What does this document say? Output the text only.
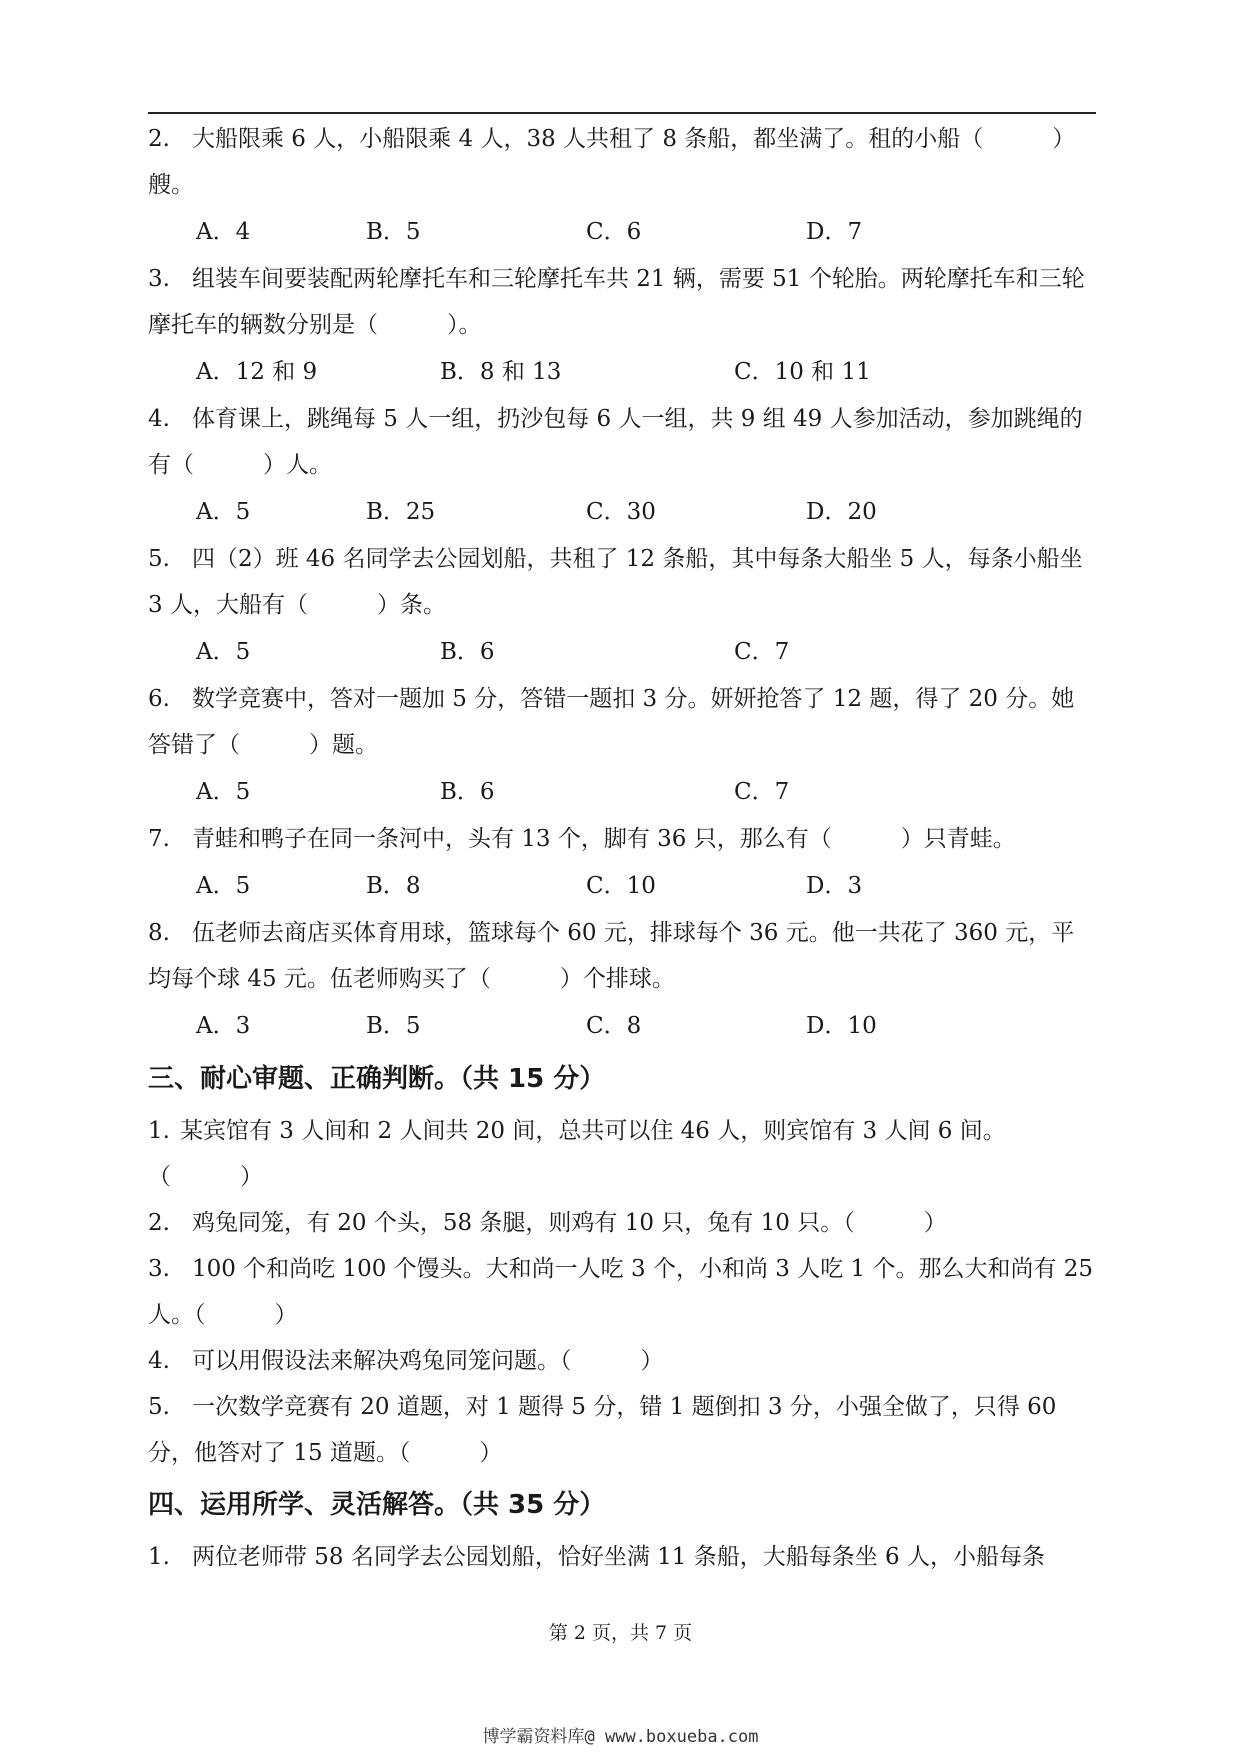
2. 大船限乘 6 人，小船限乘 4 人，38 人共租了 8 条船，都坐满了。租的小船（　　　）艘。
A．4	B．5	C．6	D．7
3. 组装车间要装配两轮摩托车和三轮摩托车共 21 辆，需要 51 个轮胎。两轮摩托车和三轮摩托车的辆数分别是（　　　）。
A．12 和 9	B．8 和 13	C．10 和 11
4. 体育课上，跳绳每 5 人一组，扔沙包每 6 人一组，共 9 组 49 人参加活动，参加跳绳的有（　　　）人。
A．5	B．25	C．30	D．20
5. 四（2）班 46 名同学去公园划船，共租了 12 条船，其中每条大船坐 5 人，每条小船坐 3 人，大船有（　　　）条。
A．5	B．6	C．7
6. 数学竞赛中，答对一题加 5 分，答错一题扣 3 分。妍妍抢答了 12 题，得了 20 分。她答错了（　　　）题。
A．5	B．6	C．7
7. 青蛙和鸭子在同一条河中，头有 13 个，脚有 36 只，那么有（　　　）只青蛙。
A．5	B．8	C．10	D．3
8. 伍老师去商店买体育用球，篮球每个 60 元，排球每个 36 元。他一共花了 360 元，平均每个球 45 元。伍老师购买了（　　　）个排球。
A．3	B．5	C．8	D．10
三、耐心审题、正确判断。（共 15 分）
1. 某宾馆有 3 人间和 2 人间共 20 间，总共可以住 46 人，则宾馆有 3 人间 6 间。（　　　）
2. 鸡兔同笼，有 20 个头，58 条腿，则鸡有 10 只，兔有 10 只。（　　　）
3. 100 个和尚吃 100 个馒头。大和尚一人吃 3 个，小和尚 3 人吃 1 个。那么大和尚有 25 人。（　　　）
4. 可以用假设法来解决鸡兔同笼问题。（　　　）
5. 一次数学竞赛有 20 道题，对 1 题得 5 分，错 1 题倒扣 3 分，小强全做了，只得 60 分，他答对了 15 道题。（　　　）
四、运用所学、灵活解答。（共 35 分）
1. 两位老师带 58 名同学去公园划船，恰好坐满 11 条船，大船每条坐 6 人，小船每条
第 2 页，共 7 页
博学霸资料库@ www.boxueba.com
